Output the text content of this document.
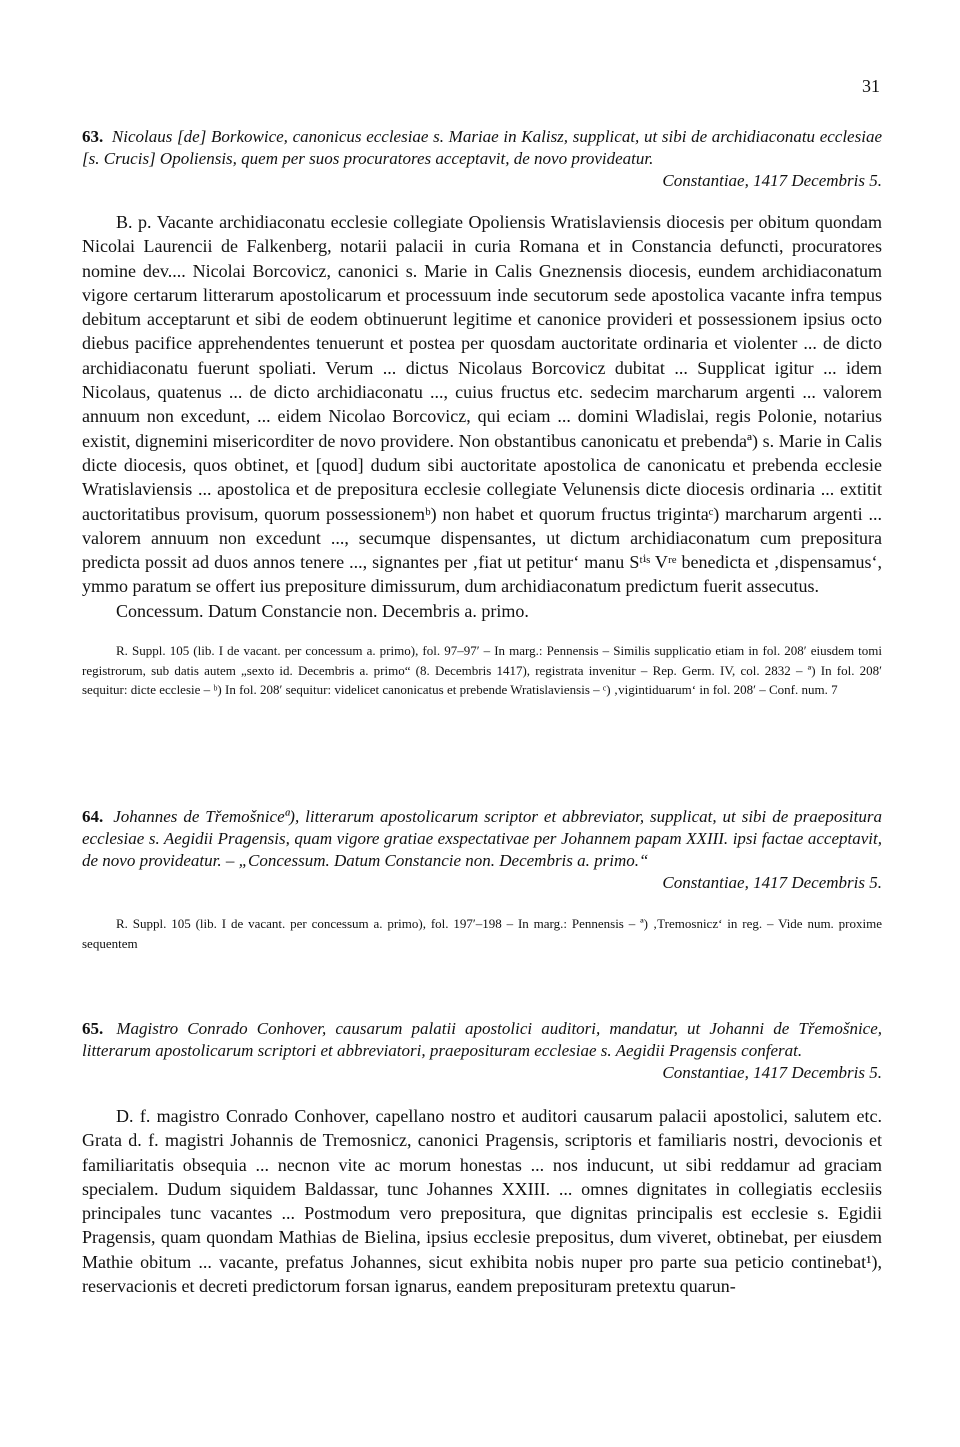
31
63. Nicolaus [de] Borkowice, canonicus ecclesiae s. Mariae in Kalisz, supplicat, ut sibi de archidiaconatu ecclesiae [s. Crucis] Opoliensis, quem per suos procuratores acceptavit, de novo provideatur.
Constantiae, 1417 Decembris 5.

B. p. Vacante archidiaconatu ecclesie collegiate Opoliensis Wratislaviensis diocesis per obitum quondam Nicolai Laurencii de Falkenberg, notarii palacii in curia Romana et in Constancia defuncti, procuratores nomine dev.... Nicolai Borcovicz, canonici s. Marie in Calis Gneznensis diocesis, eundem archidiaconatum vigore certarum litterarum apostolicarum et processuum inde secutorum sede apostolica vacante infra tempus debitum acceptarunt et sibi de eodem obtinuerunt legitime et canonice provideri et possessionem ipsius octo diebus pacifice apprehendentes tenuerunt et postea per quosdam auctoritate ordinaria et violenter ... de dicto archidiaconatu fuerunt spoliati. Verum ... dictus Nicolaus Borcovicz dubitat ... Supplicat igitur ... idem Nicolaus, quatenus ... de dicto archidiaconatu ..., cuius fructus etc. sedecim marcharum argenti ... valorem annuum non excedunt, ... eidem Nicolao Borcovicz, qui eciam ... domini Wladislai, regis Polonie, notarius existit, dignemini misericorditer de novo providere. Non obstantibus canonicatu et prebendaª) s. Marie in Calis dicte diocesis, quos obtinet, et [quod] dudum sibi auctoritate apostolica de canonicatu et prebenda ecclesie Wratislaviensis ... apostolica et de prepositura ecclesie collegiate Velunensis dicte diocesis ordinaria ... extitit auctoritatibus provisum, quorum possessionemᵇ) non habet et quorum fructus trigintaᶜ) marcharum argenti ... valorem annuum non excedunt ..., secumque dispensantes, ut dictum archidiaconatum cum prepositura predicta possit ad duos annos tenere ..., signantes per ‚fiat ut petitur‘ manu Sᵗⁱˢ Vʳᵉ benedicta et ‚dispensamus‘, ymmo paratum se offert ius prepositure dimissurum, dum archidiaconatum predictum fuerit assecutus.

Concessum. Datum Constancie non. Decembris a. primo.

R. Suppl. 105 (lib. I de vacant. per concessum a. primo), fol. 97–97′ – In marg.: Pennensis – Similis supplicatio etiam in fol. 208′ eiusdem tomi registrorum, sub datis autem „sexto id. Decembris a. primo“ (8. Decembris 1417), registrata invenitur – Rep. Germ. IV, col. 2832 – ª) In fol. 208′ sequitur: dicte ecclesie – ᵇ) In fol. 208′ sequitur: videlicet canonicatus et prebende Wratislaviensis – ᶜ) ‚vigintiduarum‘ in fol. 208′ – Conf. num. 7

64. Johannes de Třemošniceª), litterarum apostolicarum scriptor et abbreviator, supplicat, ut sibi de praepositura ecclesiae s. Aegidii Pragensis, quam vigore gratiae exspectativae per Johannem papam XXIII. ipsi factae acceptavit, de novo provideatur. – „Concessum. Datum Constancie non. Decembris a. primo.“
Constantiae, 1417 Decembris 5.

R. Suppl. 105 (lib. I de vacant. per concessum a. primo), fol. 197′–198 – In marg.: Pennensis – ª) ‚Tremosnicz‘ in reg. – Vide num. proxime sequentem

65. Magistro Conrado Conhover, causarum palatii apostolici auditori, mandatur, ut Johanni de Třemošnice, litterarum apostolicarum scriptori et abbreviatori, praeposituram ecclesiae s. Aegidii Pragensis conferat.
Constantiae, 1417 Decembris 5.

D. f. magistro Conrado Conhover, capellano nostro et auditori causarum palacii apostolici, salutem etc. Grata d. f. magistri Johannis de Tremosnicz, canonici Pragensis, scriptoris et familiaris nostri, devocionis et familiaritatis obsequia ... necnon vite ac morum honestas ... nos inducunt, ut sibi reddamur ad graciam specialem. Dudum siquidem Baldassar, tunc Johannes XXIII. ... omnes dignitates in collegiatis ecclesiis principales tunc vacantes ... Postmodum vero prepositura, que dignitas principalis est ecclesie s. Egidii Pragensis, quam quondam Mathias de Bielina, ipsius ecclesie prepositus, dum viveret, obtinebat, per eiusdem Mathie obitum ... vacante, prefatus Johannes, sicut exhibita nobis nuper pro parte sua peticio continebat¹), reservacionis et decreti predictorum forsan ignarus, eandem preposituram pretextu quarun-
